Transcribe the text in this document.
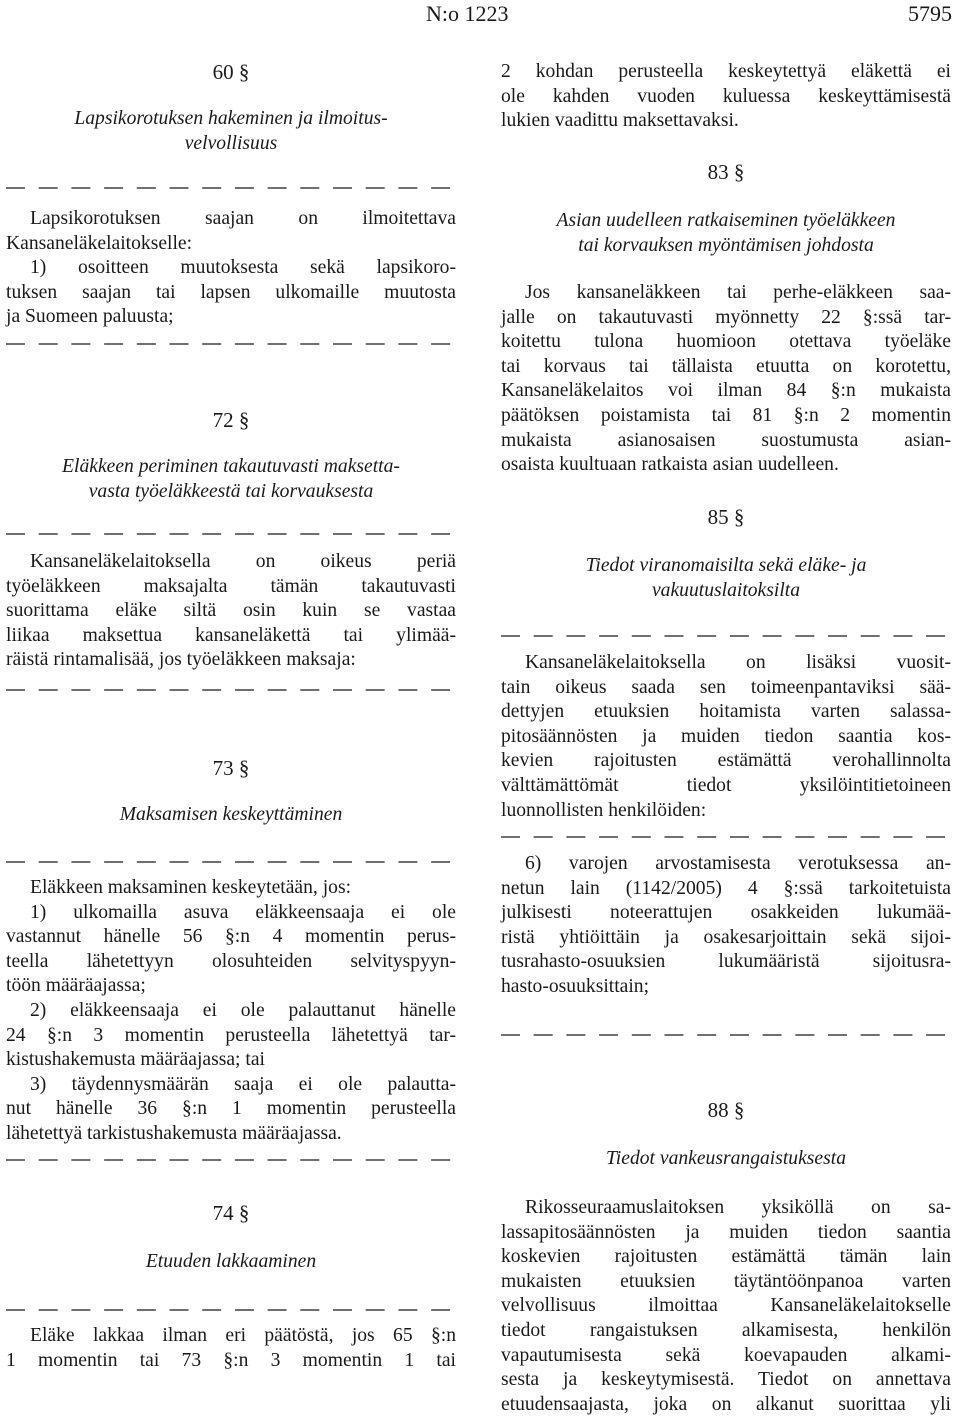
N:o 1223	5795
60 §
Lapsikorotuksen hakeminen ja ilmoitus-
velvollisuus
Lapsikorotuksen saajan on ilmoitettava
Kansaneläkelaitokselle:
1) osoitteen muutoksesta sekä lapsikoro-
tuksen saajan tai lapsen ulkomaille muutosta
ja Suomeen paluusta;
72 §
Eläkkeen periminen takautuvasti maksetta-
vasta työeläkkeestä tai korvauksesta
Kansaneläkelaitoksella on oikeus periä
työeläkkeen maksajalta tämän takautuvasti
suorittama eläke siltä osin kuin se vastaa
liikaa maksettua kansaneläkettä tai ylimää-
räistä rintamalisää, jos työeläkkeen maksaja:
73 §
Maksamisen keskeyttäminen
Eläkkeen maksaminen keskeytetään, jos:
1) ulkomailla asuva eläkkeensaaja ei ole
vastannut hänelle 56 §:n 4 momentin perus-
teella lähetettyyn olosuhteiden selvityspyyn-
töön määräajassa;
2) eläkkeensaaja ei ole palauttanut hänelle
24 §:n 3 momentin perusteella lähetettyä tar-
kistushakemusta määräajassa; tai
3) täydennysmäärän saaja ei ole palautta-
nut hänelle 36 §:n 1 momentin perusteella
lähetettyä tarkistushakemusta määräajassa.
74 §
Etuuden lakkaaminen
Eläke lakkaa ilman eri päätöstä, jos 65 §:n
1 momentin tai 73 §:n 3 momentin 1 tai
2 kohdan perusteella keskeytettyä eläkettä ei
ole kahden vuoden kuluessa keskeyttämisestä
lukien vaadittu maksettavaksi.
83 §
Asian uudelleen ratkaiseminen työeläkkeen
tai korvauksen myöntämisen johdosta
Jos kansaneläkkeen tai perhe-eläkkeen saa-
jalle on takautuvasti myönnetty 22 §:ssä tar-
koitettu tulona huomioon otettava työeläke
tai korvaus tai tällaista etuutta on korotettu,
Kansaneläkelaitos voi ilman 84 §:n mukaista
päätöksen poistamista tai 81 §:n 2 momentin
mukaista asianosaisen suostumusta asian-
osaista kuultuaan ratkaista asian uudelleen.
85 §
Tiedot viranomaisilta sekä eläke- ja
vakuutuslaitoksilta
Kansaneläkelaitoksella on lisäksi vuosit-
tain oikeus saada sen toimeenpantaviksi sää-
dettyjen etuuksien hoitamista varten salassa-
pitosäännösten ja muiden tiedon saantia kos-
kevien rajoitusten estämättä verohallinnolta
välttämättömät tiedot yksilöintitietoineen
luonnollisten henkilöiden:
6) varojen arvostamisesta verotuksessa an-
netun lain (1142/2005) 4 §:ssä tarkoitetuista
julkisesti noteerattujen osakkeiden lukumää-
ristä yhtiöittäin ja osakesarjoittain sekä sijoi-
tusrahasto-osuuksien lukumääristä sijoitusra-
hasto-osuuksittain;
88 §
Tiedot vankeusrangaistuksesta
Rikosseuraamuslaitoksen yksiköllä on sa-
lassapitosäännösten ja muiden tiedon saantia
koskevien rajoitusten estämättä tämän lain
mukaisten etuuksien täytäntöönpanoa varten
velvollisuus ilmoittaa Kansaneläkelaitokselle
tiedot rangaistuksen alkamisesta, henkilön
vapautumisesta sekä koevapauden alkami-
sesta ja keskeytymisestä. Tiedot on annettava
etuudensaajasta, joka on alkanut suorittaa yli
